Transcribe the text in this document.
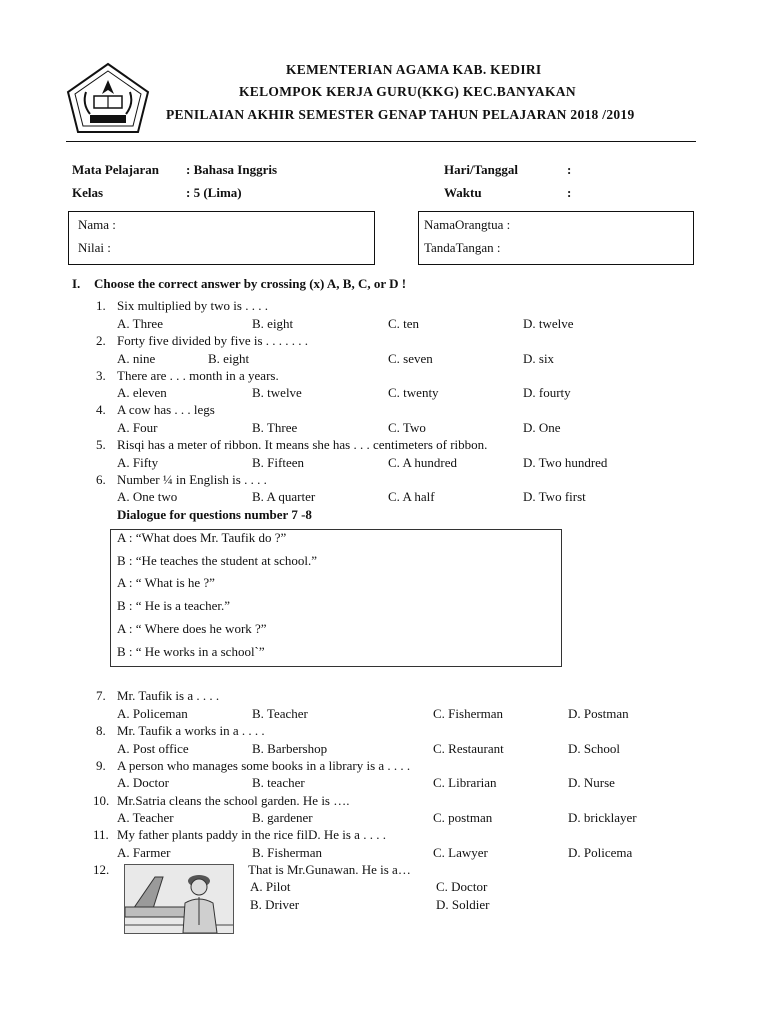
KEMENTERIAN AGAMA KAB. KEDIRI
KELOMPOK KERJA GURU(KKG) KEC.BANYAKAN
PENILAIAN AKHIR SEMESTER GENAP TAHUN PELAJARAN 2018 /2019
Mata Pelajaran : Bahasa Inggris	Hari/Tanggal	:
Kelas	: 5 (Lima)	Waktu	:
Nama :
Nilai :
NamaOrangtua :
TandaTangan :
I. Choose the correct answer by crossing (x) A, B, C, or D !
1. Six multiplied by two is . . . .
A. Three	B. eight	C. ten	D. twelve
2. Forty five divided by five is . . . . . . .
A. nine	B. eight	C. seven	D. six
3. There are . . . month in a years.
A. eleven	B. twelve	C. twenty	D. fourty
4. A cow has . . . legs
A. Four	B. Three	C. Two	D. One
5. Risqi has a meter of ribbon. It means she has . . . centimeters of ribbon.
A. Fifty	B. Fifteen	C. A hundred	D. Two hundred
6. Number ¼ in English is . . . .
A. One two	B. A quarter	C. A half	D. Two first
Dialogue for questions number 7 -8
A : “What does Mr. Taufik do ?”
B : “He teaches the student at school.”
A : “ What is he ?”
B : “ He is a teacher.”
A : “ Where does he work ?”
B : “ He works in a school`”
7. Mr. Taufik is a . . . .
A. Policeman	B. Teacher	C. Fisherman	D. Postman
8. Mr. Taufik a works in a . . . .
A. Post office	B. Barbershop	C. Restaurant	D. School
9. A person who manages some books in a library is a . . . .
A. Doctor	B. teacher	C. Librarian	D. Nurse
10. Mr.Satria cleans the school garden. He is ….
A. Teacher	B. gardener	C. postman	D. bricklayer
11. My father plants paddy in the rice filD. He is a . . . .
A. Farmer	B. Fisherman	C. Lawyer	D. Policema
12.	That is Mr.Gunawan. He is a…
A. Pilot	C. Doctor
B. Driver	D. Soldier
